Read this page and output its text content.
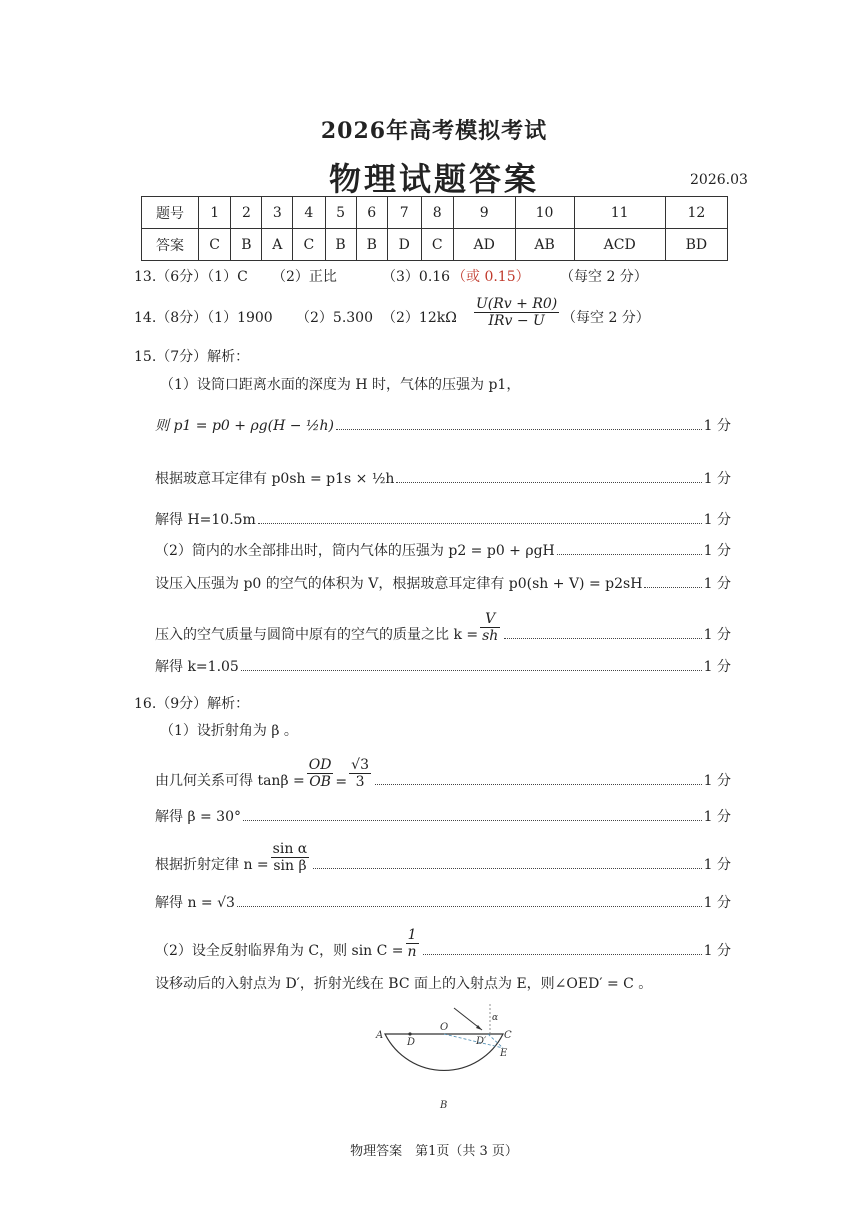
2026年高考模拟考试
物理试题答案	2026.03
题号	1	2	3	4	5	6	7	8	9	10	11	12
答案	C	B	A	C	B	B	D	C	AD	AB	ACD	BD
13.（6分）（1）C （2）正比	（3）0.16 （或 0.15） （每空 2 分）
14.（8分）（1）1900 （2）5.300 $(2)12k\Omega \frac{U(Rv + R0)}{\text{IRv − U}}$ （每空 2 分）
15.（7分）解析：
（1）设筒口距离水面的深度为 H 时，气体的压强为 p1，
则 p1 = p0 + ρg(H − ½h)	1 分
根据玻意耳定律有 p0sh = p1s × ½h	1 分
解得 H=10.5m	1 分
（2）筒内的水全部排出时，筒内气体的压强为 p2 = p0 + ρgH	1 分
设压入压强为 p0 的空气的体积为 V，根据玻意耳定律有 p0(sh + V) = p2sH	1 分
压入的空气质量与圆筒中原有的空气的质量之比 $k = \frac{V}{sh}$	1 分
解得 k=1.05	1 分
16.（9分）解析：
（1）设折射角为 β 。
由几何关系可得 $\tan\beta = \frac{OD}{OB} = \frac{√3}{3}$	1 分
解得 β = 30°	1 分
根据折射定律 $n = \frac{\text{sin α}}{\text{sin β}}$	1 分
解得 n = √3	1 分
（2）设全反射临界角为 C，则 $\sin C = \frac{1}{n}$	1 分
设移动后的入射点为 D′，折射光线在 BC 面上的入射点为 E，则∠OED′ = C 。
A
D
O
D′
C
E
α
B
物理答案　第1页（共 3 页）
